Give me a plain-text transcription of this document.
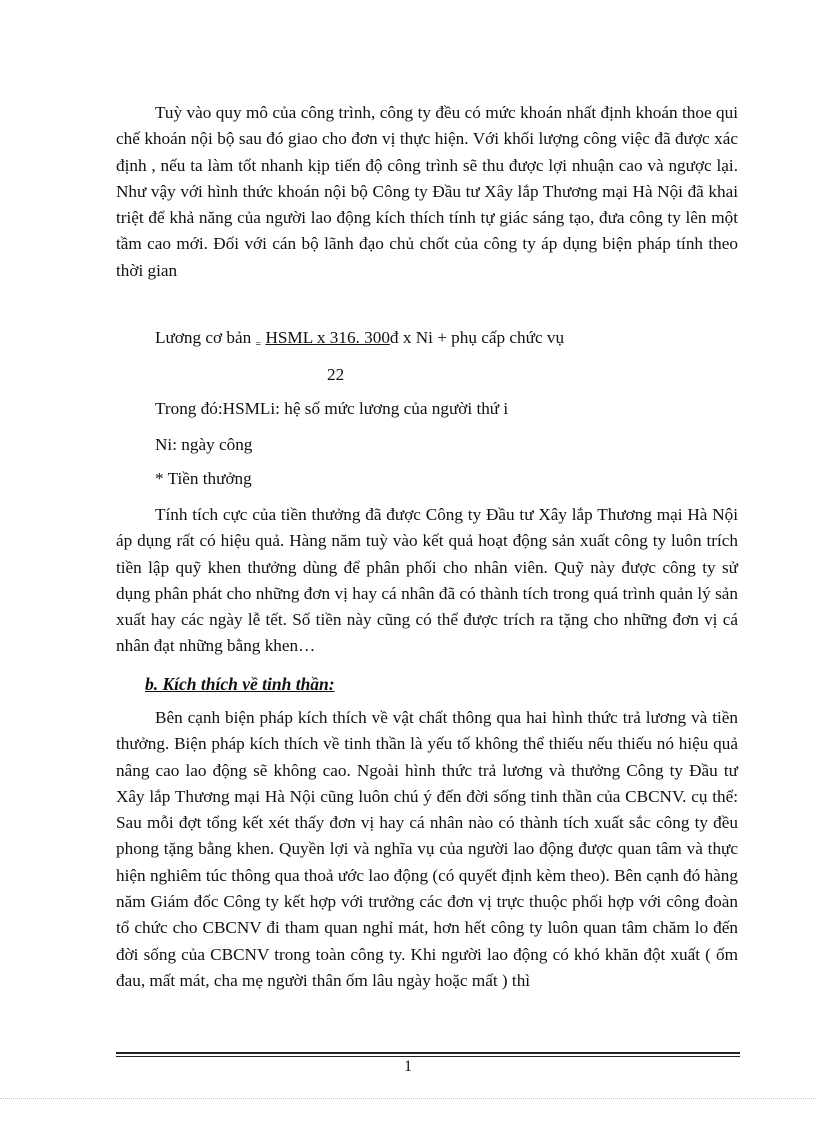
Tuỳ vào quy mô của công trình, công ty đều có mức khoán nhất định khoán thoe qui chế khoán nội bộ sau đó giao cho đơn vị thực hiện. Với khối lượng công việc đã được xác định , nếu ta làm tốt nhanh kịp tiến độ công trình sẽ thu được lợi nhuận cao và ngược lại. Như vậy với hình thức khoán nội bộ Công ty Đầu tư Xây lắp Thương mại Hà Nội đã khai triệt để khả năng của người lao động kích thích tính tự giác sáng tạo, đưa công ty lên một tầm cao mới. Đối với cán bộ lãnh đạo chủ chốt của công ty áp dụng biện pháp tính theo thời gian

Lương cơ bản $_=$ HSML x 316. 300đ x Ni + phụ cấp chức vụ
22
Trong đó:HSMLi: hệ số mức lương của người thứ i
Ni: ngày công
* Tiền thưởng

Tính tích cực của tiền thưởng đã được Công ty Đầu tư Xây lắp Thương mại Hà Nội áp dụng rất có hiệu quả. Hàng năm tuỳ vào kết quả hoạt động sản xuất công ty luôn trích tiền lập quỹ khen thưởng dùng để phân phối cho nhân viên. Quỹ này được công ty sử dụng phân phát cho những đơn vị hay cá nhân đã có thành tích trong quá trình quản lý sản xuất hay các ngày lễ tết. Số tiền này cũng có thể được trích ra tặng cho những đơn vị cá nhân đạt những bằng khen…

b. Kích thích về tinh thần:

Bên cạnh biện pháp kích thích về vật chất thông qua hai hình thức trả lương và tiền thưởng. Biện pháp kích thích về tinh thần là yếu tố không thể thiếu nếu thiếu nó hiệu quả nâng cao lao động sẽ không cao. Ngoài hình thức trả lương và thưởng Công ty Đầu tư Xây lắp Thương mại Hà Nội cũng luôn chú ý đến đời sống tinh thần của CBCNV. cụ thể: Sau mỗi đợt tổng kết xét thấy đơn vị hay cá nhân nào có thành tích xuất sắc công ty đều phong tặng bằng khen. Quyền lợi và nghĩa vụ của người lao động được quan tâm và thực hiện nghiêm túc thông qua thoả ước lao động (có quyết định kèm theo). Bên cạnh đó hàng năm Giám đốc Công ty kết hợp với trưởng các đơn vị trực thuộc phối hợp với công đoàn tổ chức cho CBCNV đi tham quan nghỉ mát, hơn hết công ty luôn quan tâm chăm lo đến đời sống của CBCNV trong toàn công ty. Khi người lao động có khó khăn đột xuất ( ốm đau, mất mát, cha mẹ người thân ốm lâu ngày hoặc mất ) thì

1
